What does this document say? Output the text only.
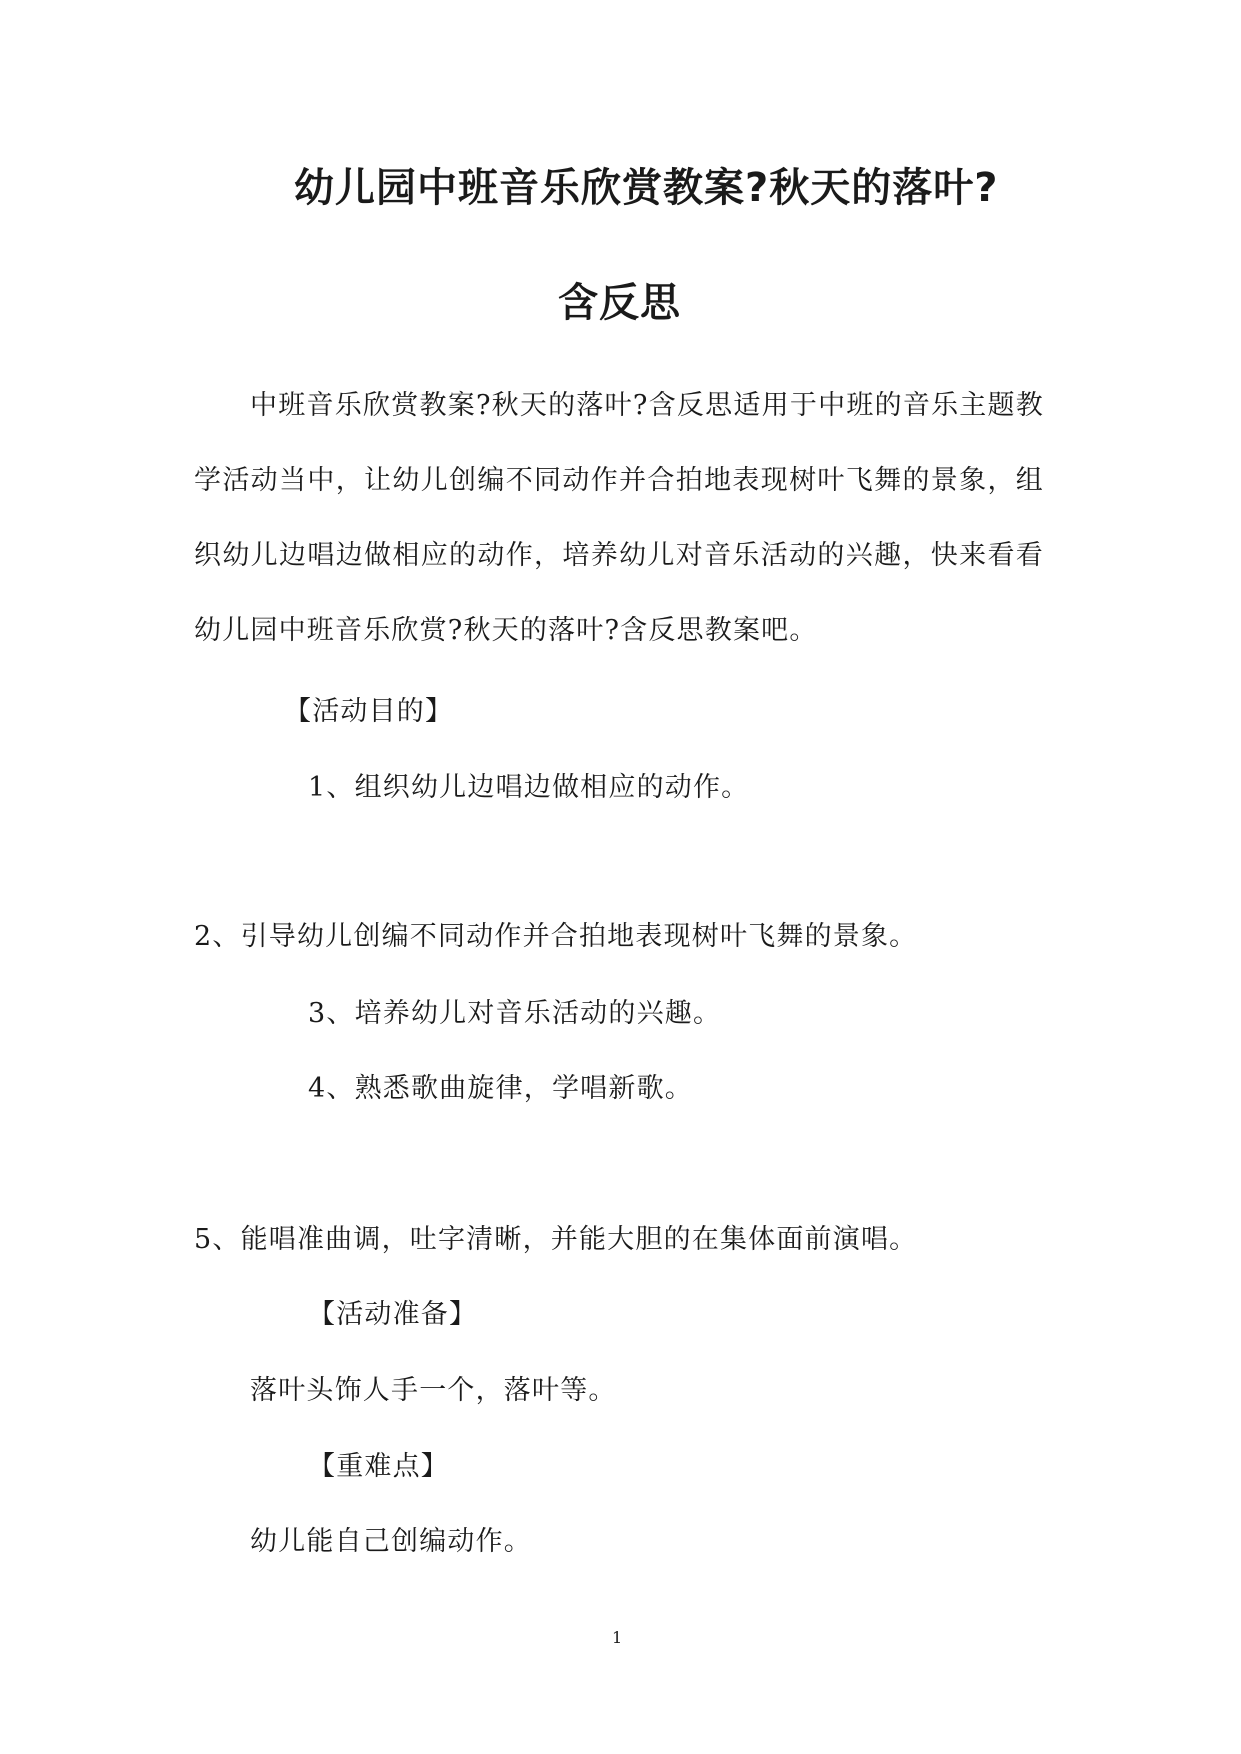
幼儿园中班音乐欣赏教案?秋天的落叶?
含反思
中班音乐欣赏教案?秋天的落叶?含反思适用于中班的音乐主题教学活动当中，让幼儿创编不同动作并合拍地表现树叶飞舞的景象，组织幼儿边唱边做相应的动作，培养幼儿对音乐活动的兴趣，快来看看幼儿园中班音乐欣赏?秋天的落叶?含反思教案吧。
【活动目的】
1、组织幼儿边唱边做相应的动作。
2、引导幼儿创编不同动作并合拍地表现树叶飞舞的景象。
3、培养幼儿对音乐活动的兴趣。
4、熟悉歌曲旋律，学唱新歌。
5、能唱准曲调，吐字清晰，并能大胆的在集体面前演唱。
【活动准备】
落叶头饰人手一个，落叶等。
【重难点】
幼儿能自己创编动作。
1
